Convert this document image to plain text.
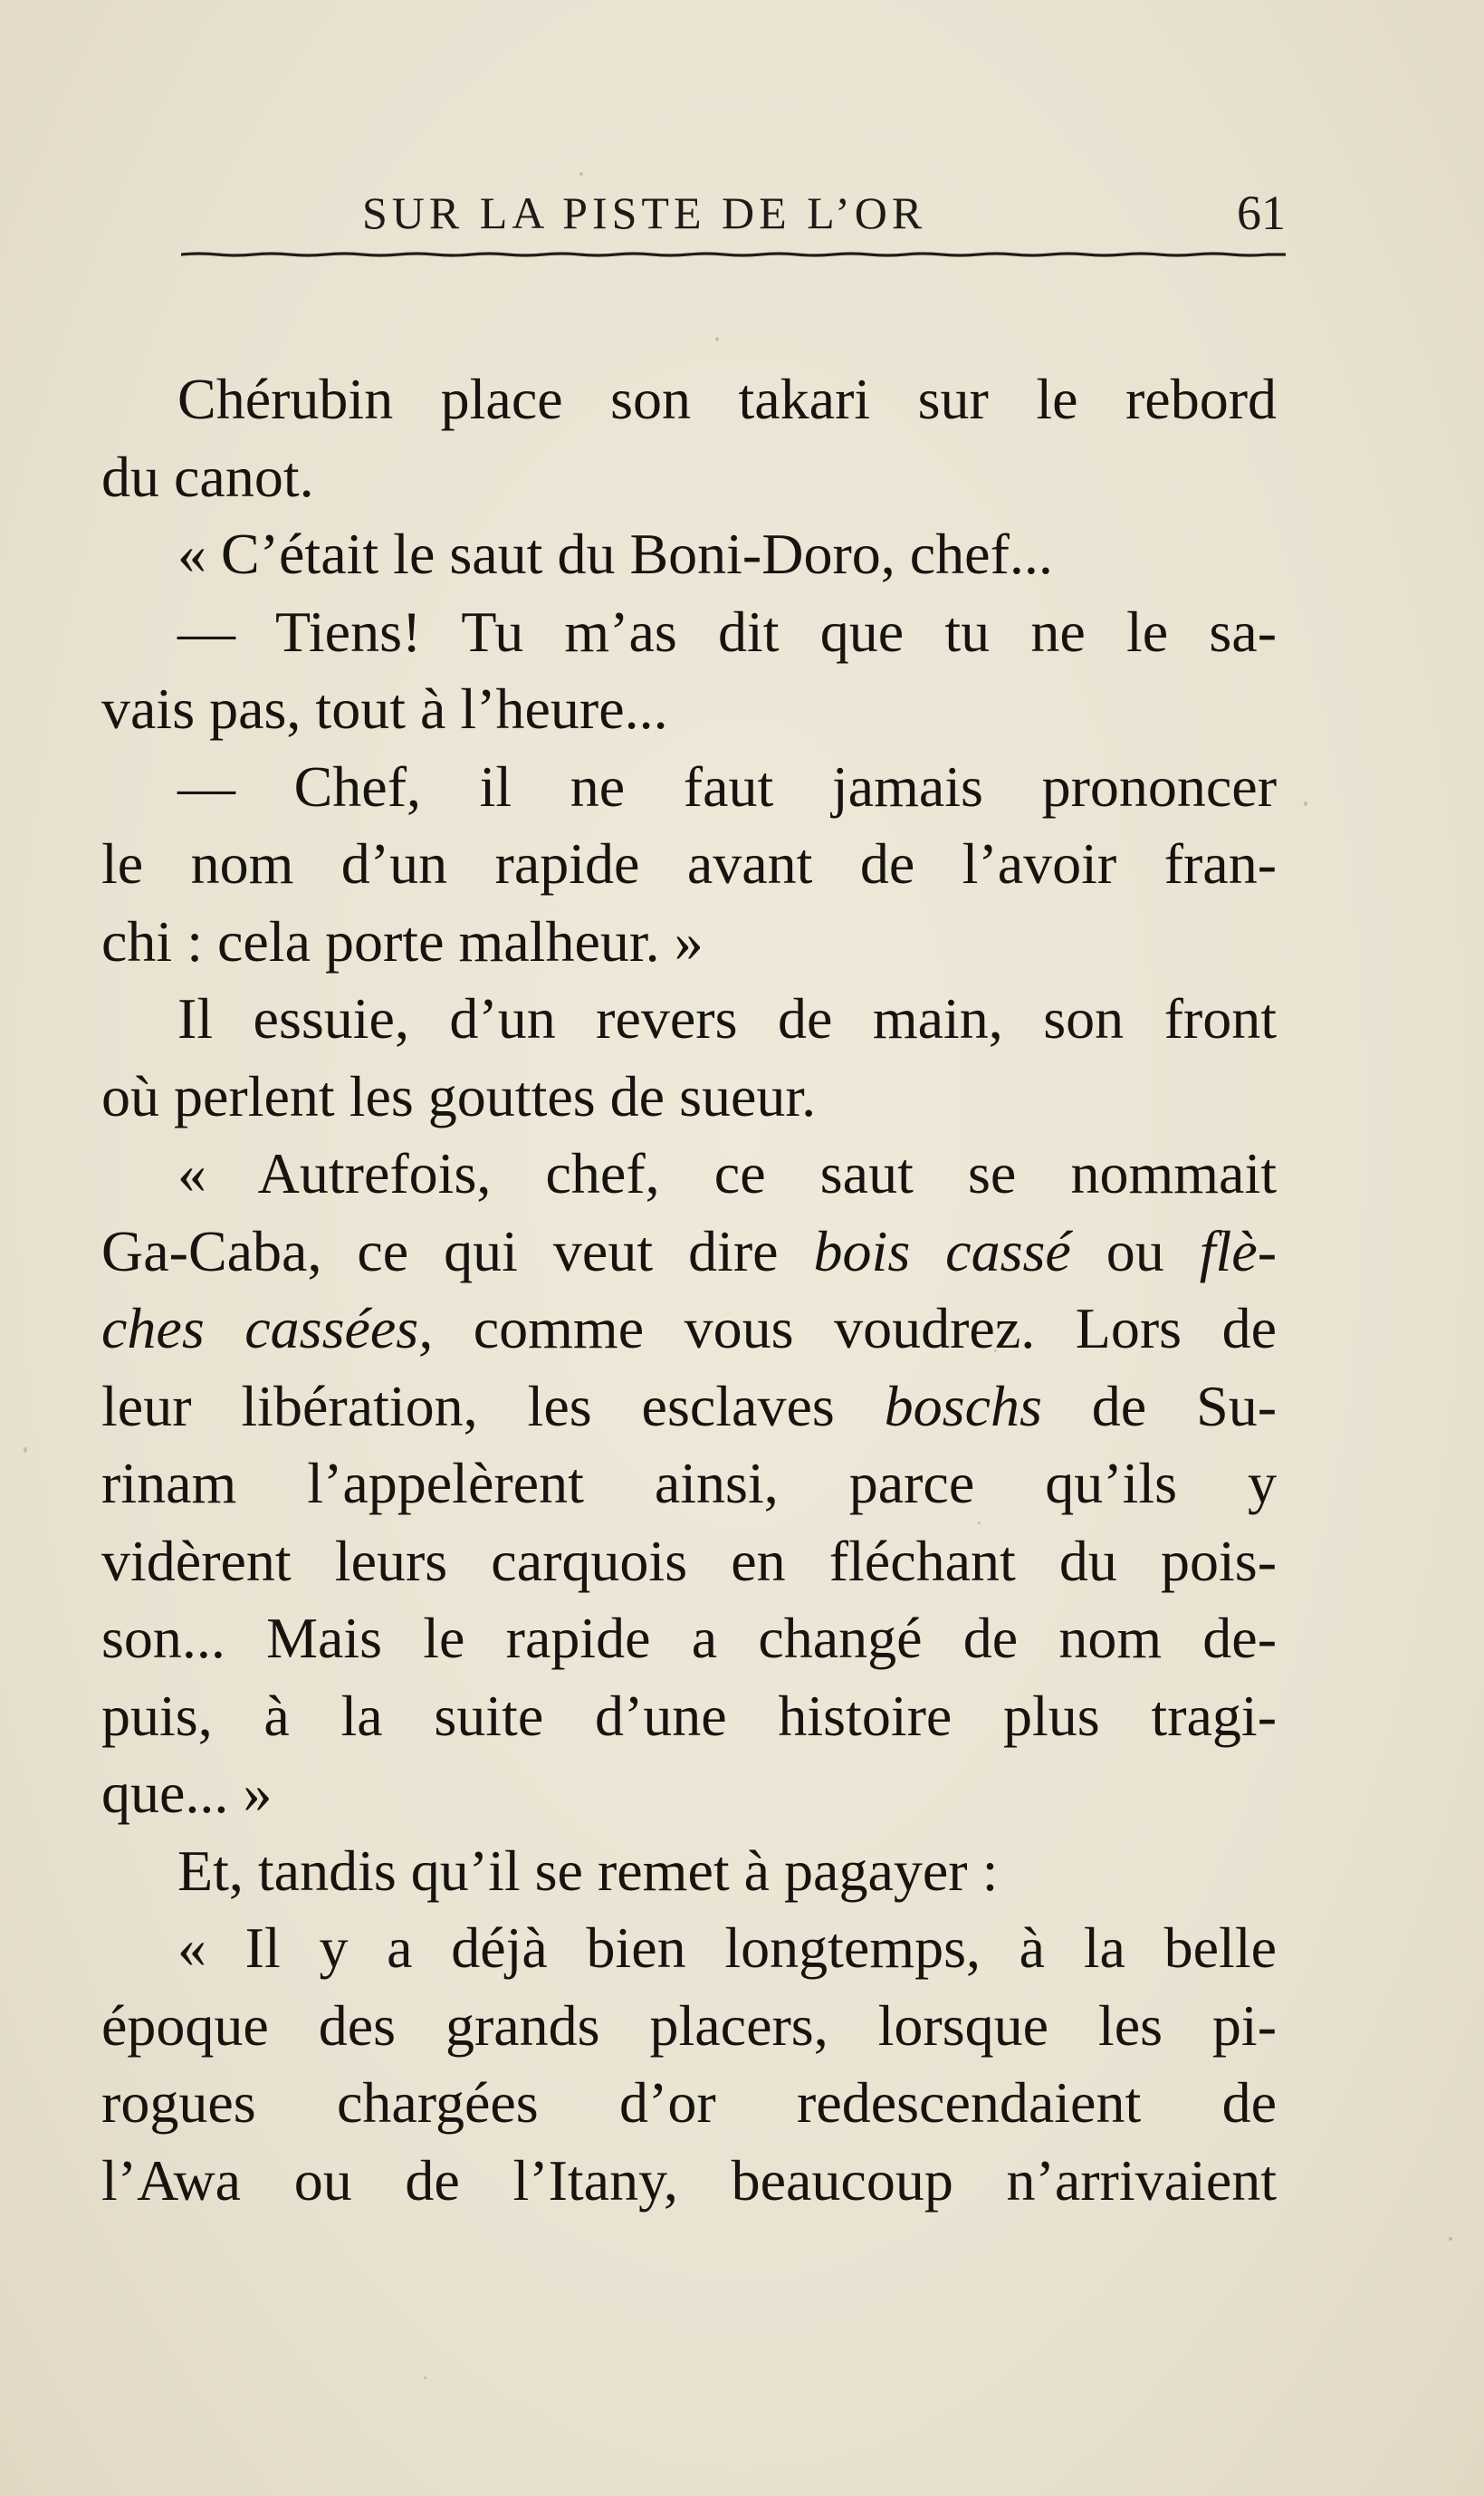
SUR LA PISTE DE L’OR	61
Chérubin place son takari sur le rebord
du canot.
« C’était le saut du Boni-Doro, chef...
— Tiens! Tu m’as dit que tu ne le sa-
vais pas, tout à l’heure...
— Chef, il ne faut jamais prononcer
le nom d’un rapide avant de l’avoir fran-
chi : cela porte malheur. »
Il essuie, d’un revers de main, son front
où perlent les gouttes de sueur.
« Autrefois, chef, ce saut se nommait
Ga-Caba, ce qui veut dire bois cassé ou flè-
ches cassées, comme vous voudrez. Lors de
leur libération, les esclaves boschs de Su-
rinam l’appelèrent ainsi, parce qu’ils y
vidèrent leurs carquois en fléchant du pois-
son... Mais le rapide a changé de nom de-
puis, à la suite d’une histoire plus tragi-
que... »
Et, tandis qu’il se remet à pagayer :
« Il y a déjà bien longtemps, à la belle
époque des grands placers, lorsque les pi-
rogues chargées d’or redescendaient de
l’Awa ou de l’Itany, beaucoup n’arrivaient
